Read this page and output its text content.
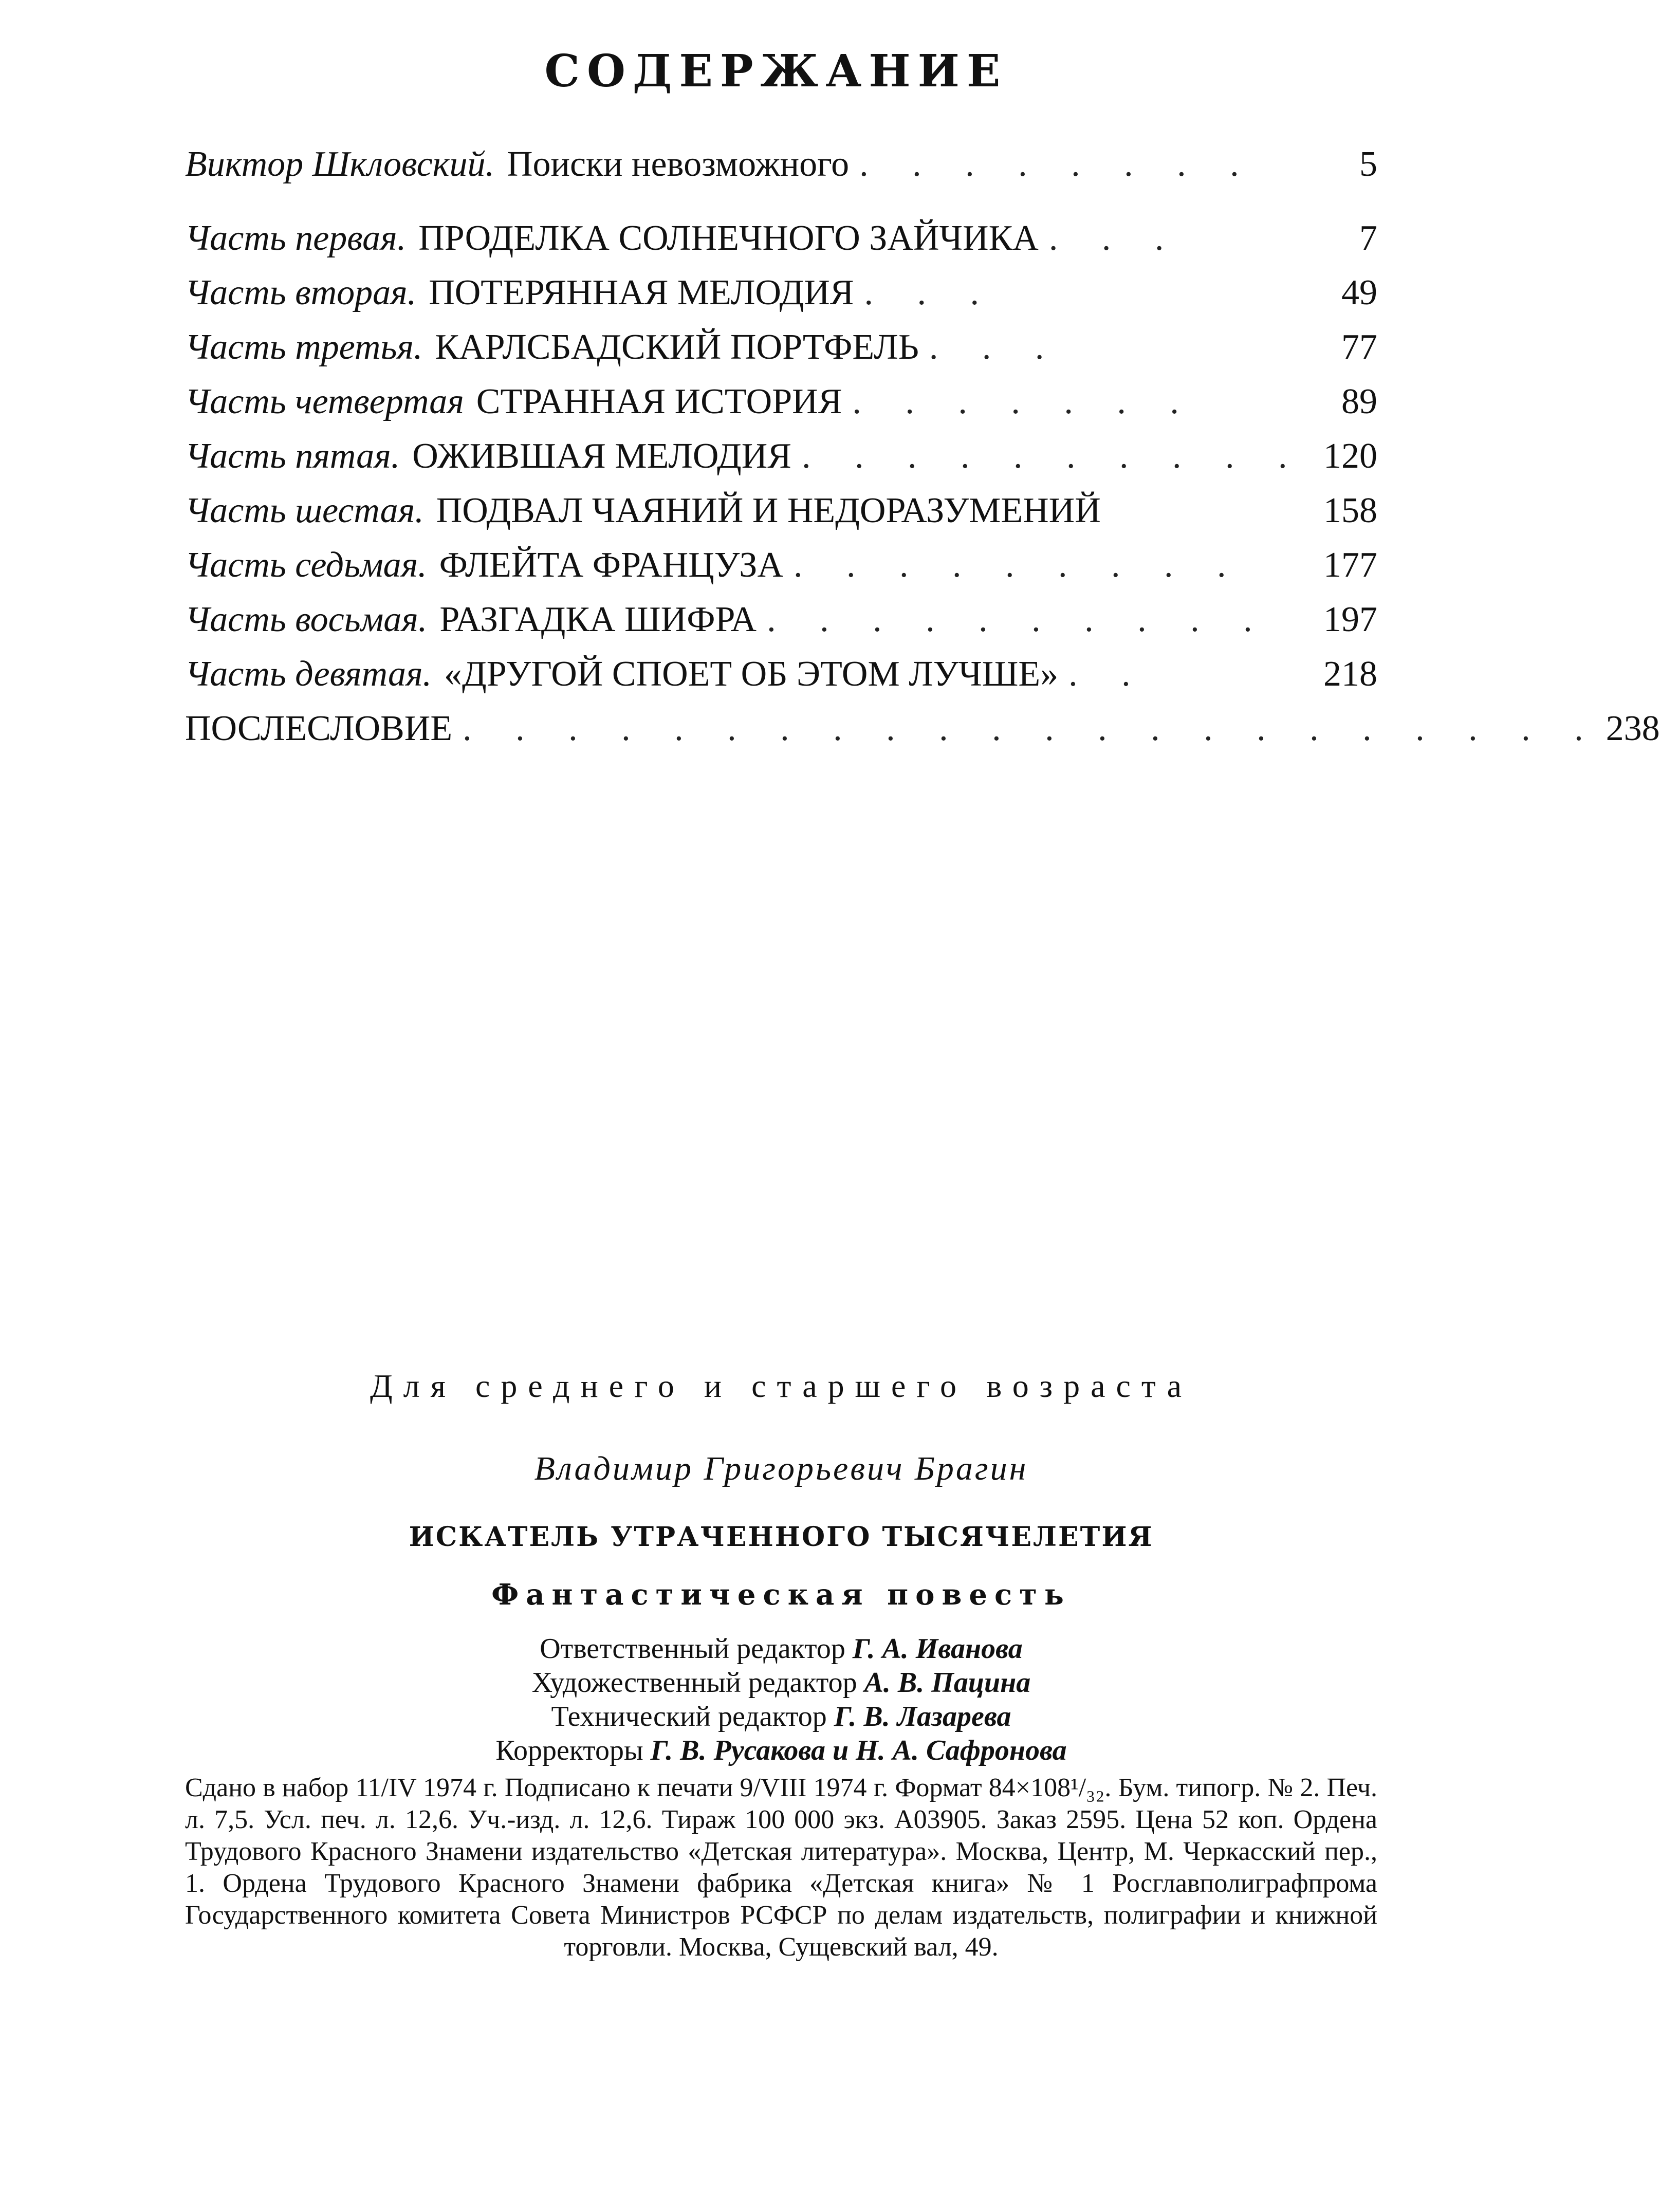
СОДЕРЖАНИЕ
Виктор Шкловский. Поиски невозможного . . . . . . . .	5
Часть первая. ПРОДЕЛКА СОЛНЕЧНОГО ЗАЙЧИКА . . .	7
Часть вторая. ПОТЕРЯННАЯ МЕЛОДИЯ . . .	49
Часть третья. КАРЛСБАДСКИЙ ПОРТФЕЛЬ . . .	77
Часть четвертая СТРАННАЯ ИСТОРИЯ . . . . . . .	89
Часть пятая. ОЖИВШАЯ МЕЛОДИЯ . . . . . . . . . . 120
Часть шестая. ПОДВАЛ ЧАЯНИЙ И НЕДОРАЗУМЕНИЙ	158
Часть седьмая. ФЛЕЙТА ФРАНЦУЗА . . . . . . . . .	177
Часть восьмая. РАЗГАДКА ШИФРА . . . . . . . . . .	197
Часть девятая. «ДРУГОЙ СПОЕТ ОБ ЭТОМ ЛУЧШЕ» . .	218
ПОСЛЕСЛОВИЕ . . . . . . . . . . . . . . . . . . . . . . 238
Для среднего и старшего возраста
Владимир Григорьевич Брагин
ИСКАТЕЛЬ УТРАЧЕННОГО ТЫСЯЧЕЛЕТИЯ
Фантастическая повесть
Ответственный редактор Г. А. Иванова
Художественный редактор А. В. Пацина
Технический редактор Г. В. Лазарева
Корректоры Г. В. Русакова и Н. А. Сафронова
Сдано в набор 11/IV 1974 г. Подписано к печати 9/VIII 1974 г. Формат 84×108¹/₃₂. Бум. типогр. № 2. Печ. л. 7,5. Усл. печ. л. 12,6. Уч.-изд. л. 12,6. Тираж 100 000 экз. А03905. Заказ 2595. Цена 52 коп. Ордена Трудового Красного Знамени издательство «Детская литература». Москва, Центр, М. Черкасский пер., 1. Ордена Трудового Красного Знамени фабрика «Детская книга» № 1 Росглавполиграфпрома Государственного комитета Совета Министров РСФСР по делам издательств, полиграфии и книжной торговли. Москва, Сущевский вал, 49.
